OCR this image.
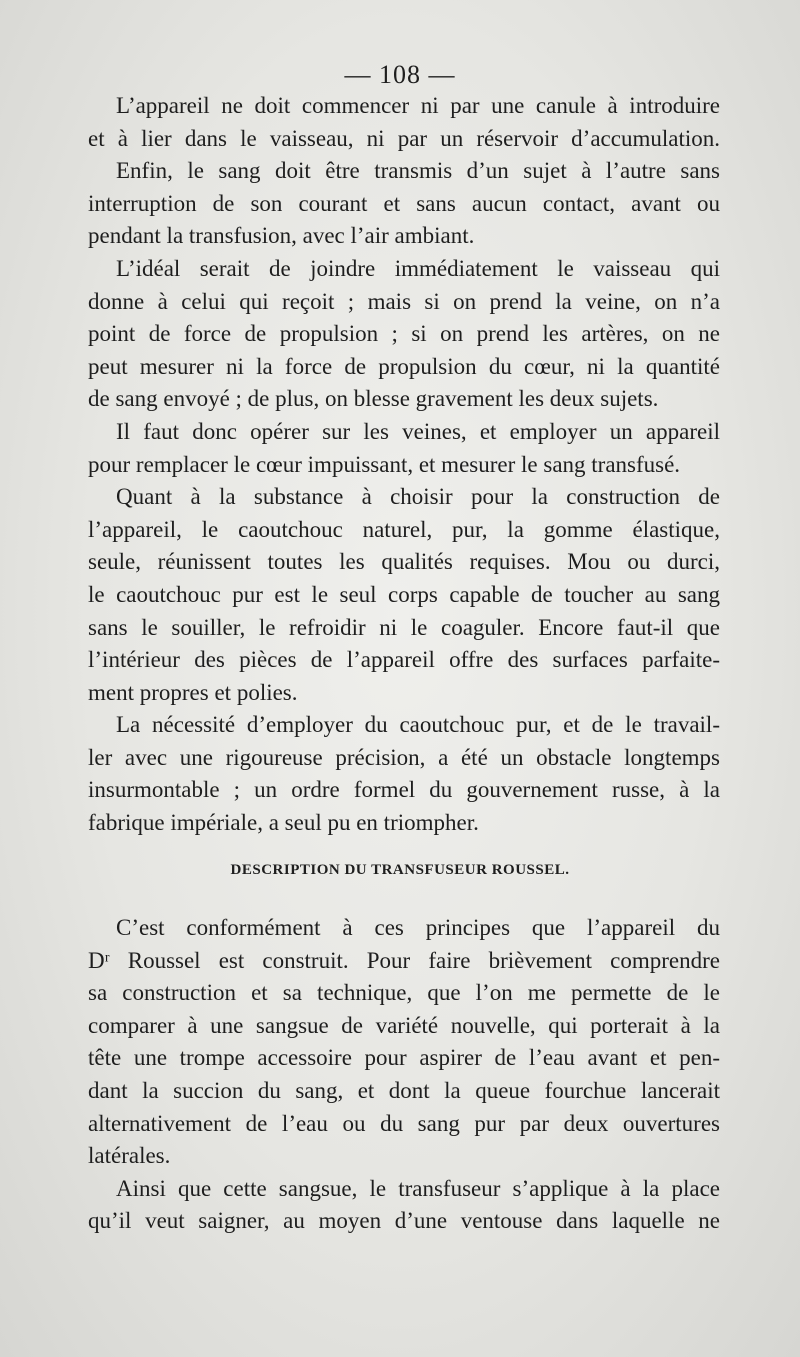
— 108 —
L’appareil ne doit commencer ni par une canule à introduire
et à lier dans le vaisseau, ni par un réservoir d’accumulation.
Enfin, le sang doit être transmis d’un sujet à l’autre sans
interruption de son courant et sans aucun contact, avant ou
pendant la transfusion, avec l’air ambiant.
L’idéal serait de joindre immédiatement le vaisseau qui
donne à celui qui reçoit ; mais si on prend la veine, on n’a
point de force de propulsion ; si on prend les artères, on ne
peut mesurer ni la force de propulsion du cœur, ni la quantité
de sang envoyé ; de plus, on blesse gravement les deux sujets.
Il faut donc opérer sur les veines, et employer un appareil
pour remplacer le cœur impuissant, et mesurer le sang transfusé.
Quant à la substance à choisir pour la construction de
l’appareil, le caoutchouc naturel, pur, la gomme élastique,
seule, réunissent toutes les qualités requises. Mou ou durci,
le caoutchouc pur est le seul corps capable de toucher au sang
sans le souiller, le refroidir ni le coaguler. Encore faut-il que
l’intérieur des pièces de l’appareil offre des surfaces parfaite-
ment propres et polies.
La nécessité d’employer du caoutchouc pur, et de le travail-
ler avec une rigoureuse précision, a été un obstacle longtemps
insurmontable ; un ordre formel du gouvernement russe, à la
fabrique impériale, a seul pu en triompher.
DESCRIPTION DU TRANSFUSEUR ROUSSEL.
C’est conformément à ces principes que l’appareil du
Dʳ Roussel est construit. Pour faire brièvement comprendre
sa construction et sa technique, que l’on me permette de le
comparer à une sangsue de variété nouvelle, qui porterait à la
tête une trompe accessoire pour aspirer de l’eau avant et pen-
dant la succion du sang, et dont la queue fourchue lancerait
alternativement de l’eau ou du sang pur par deux ouvertures
latérales.
Ainsi que cette sangsue, le transfuseur s’applique à la place
qu’il veut saigner, au moyen d’une ventouse dans laquelle ne
